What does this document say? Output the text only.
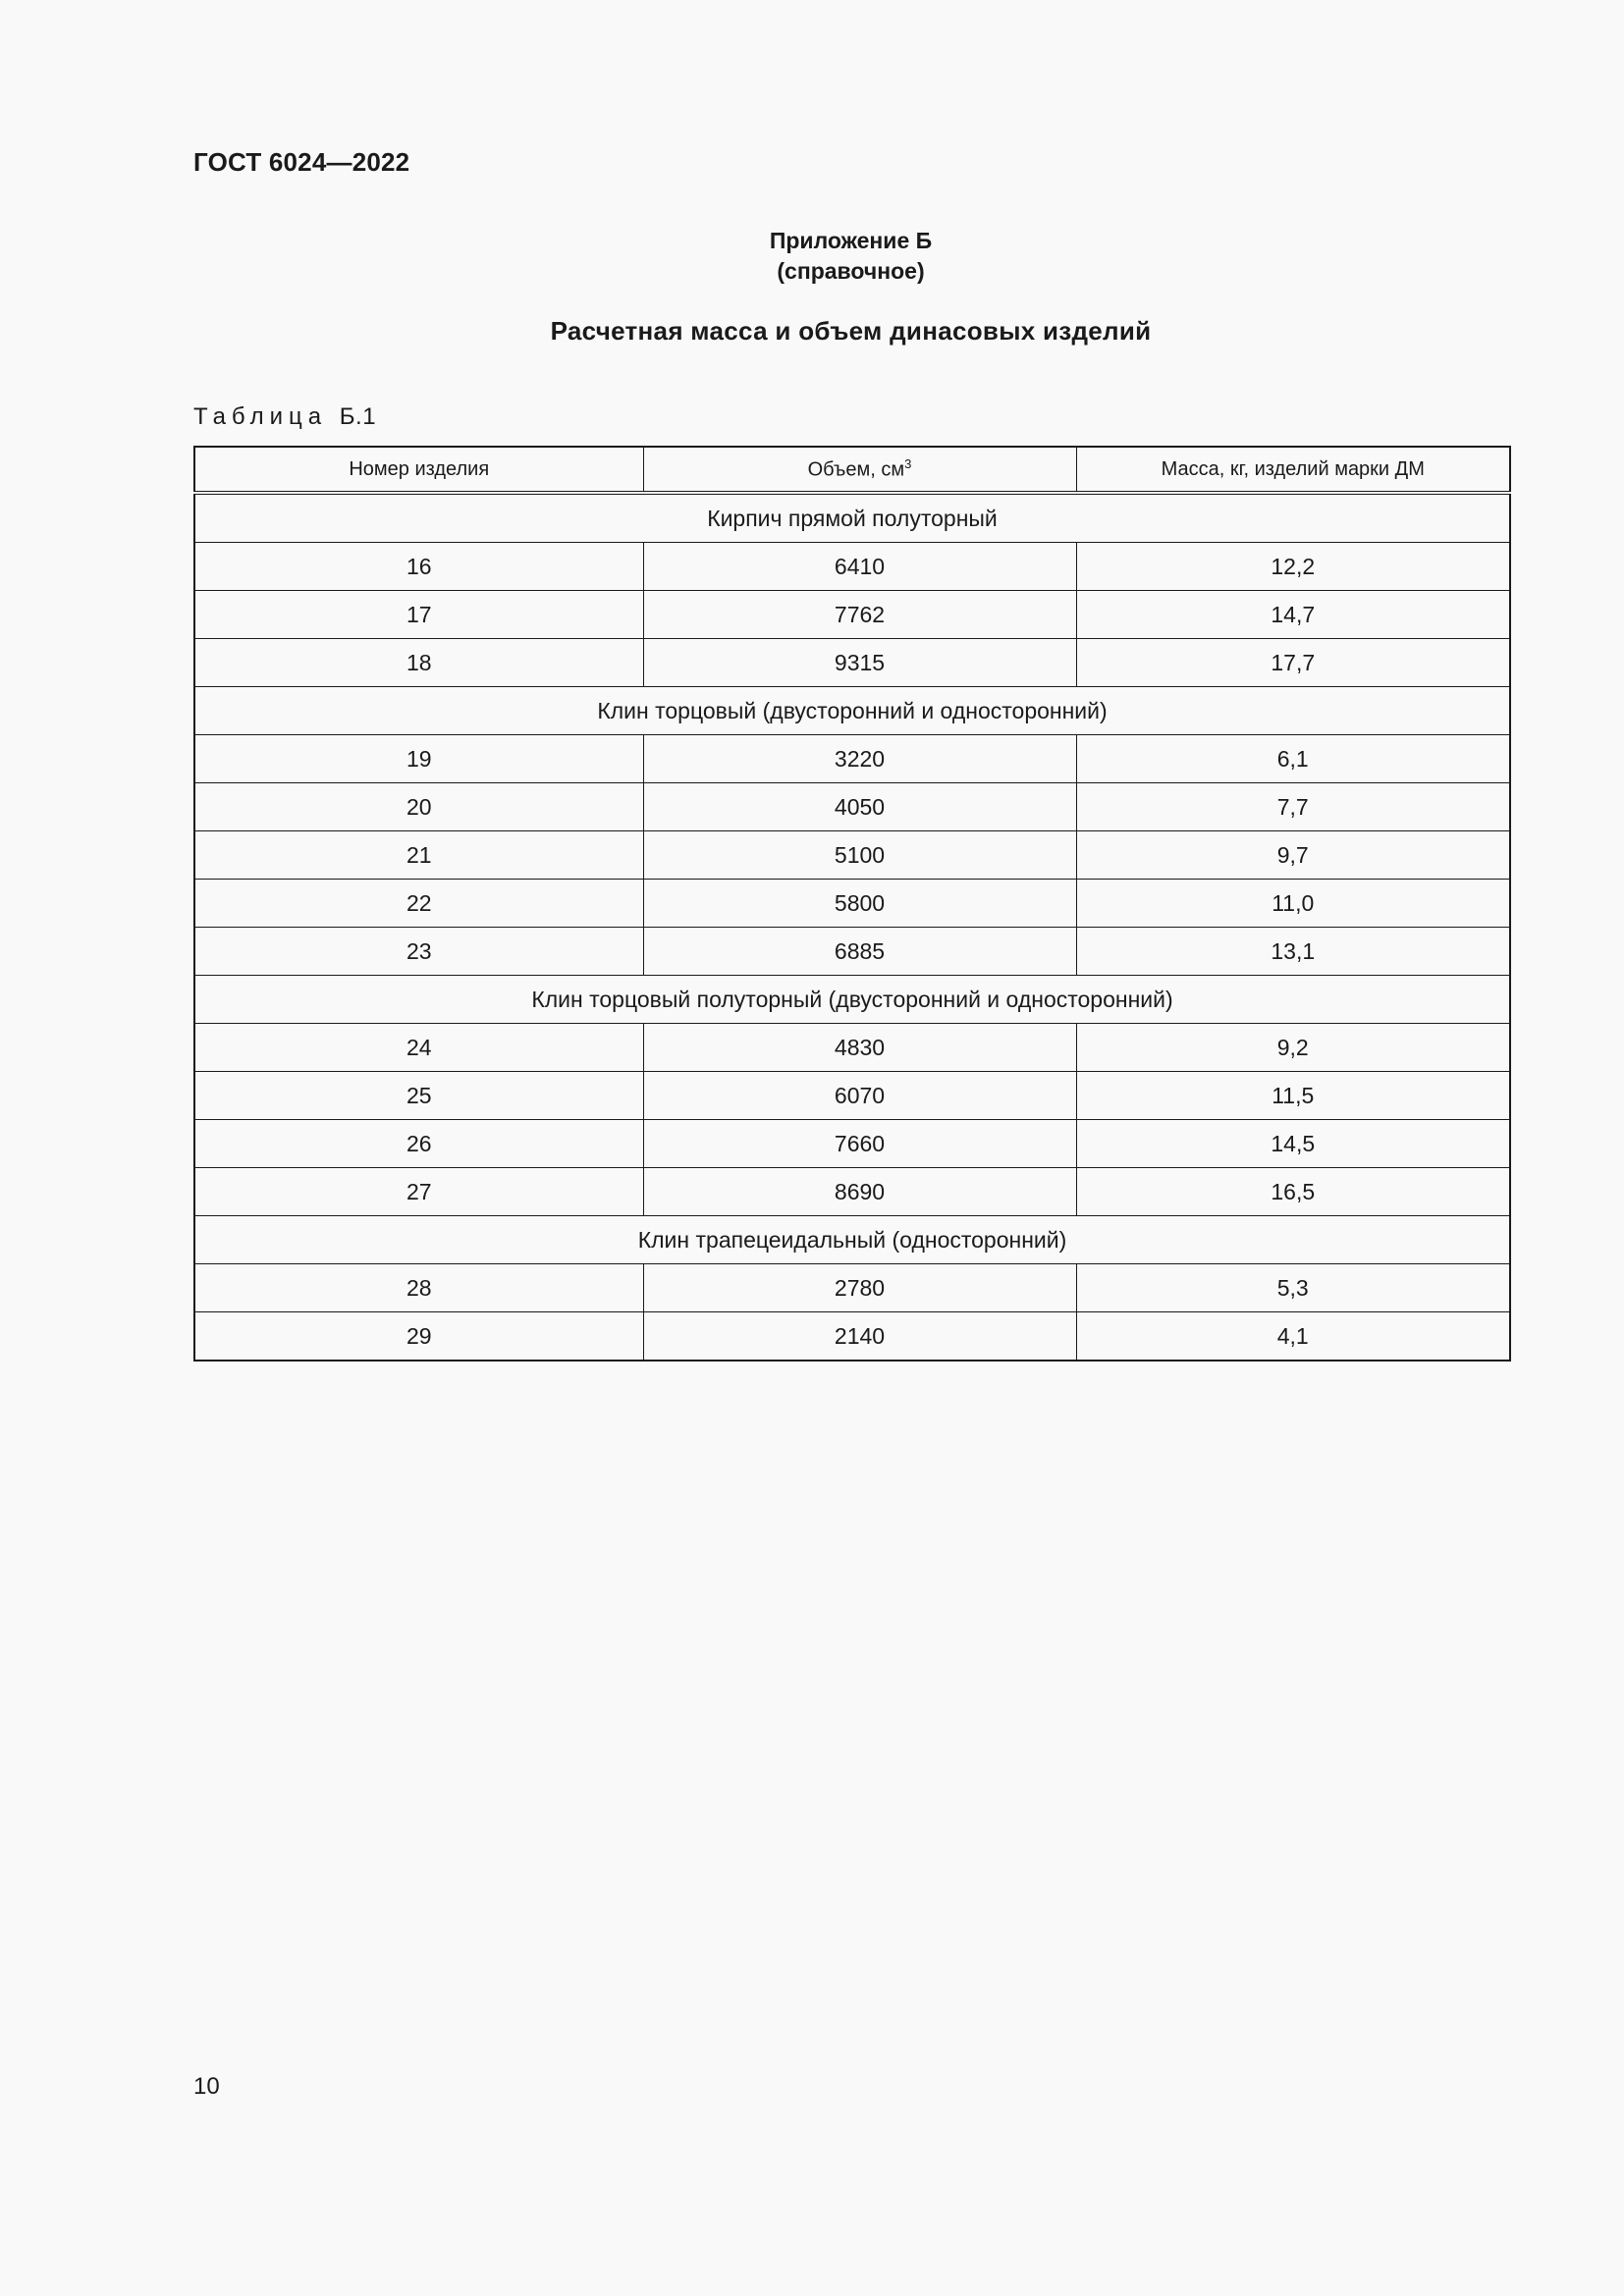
ГОСТ 6024—2022
Приложение Б
(справочное)
Расчетная масса и объем динасовых изделий
Таблица Б.1
Номер изделия	Объем, $см^3$	Масса, кг, изделий марки ДМ
Кирпич прямой полуторный		
16	6410	12,2
17	7762	14,7
18	9315	17,7
Клин торцовый (двусторонний и односторонний)		
19	3220	6,1
20	4050	7,7
21	5100	9,7
22	5800	11,0
23	6885	13,1
Клин торцовый полуторный (двусторонний и односторонний)		
24	4830	9,2
25	6070	11,5
26	7660	14,5
27	8690	16,5
Клин трапецеидальный (односторонний)		
28	2780	5,3
29	2140	4,1
10
